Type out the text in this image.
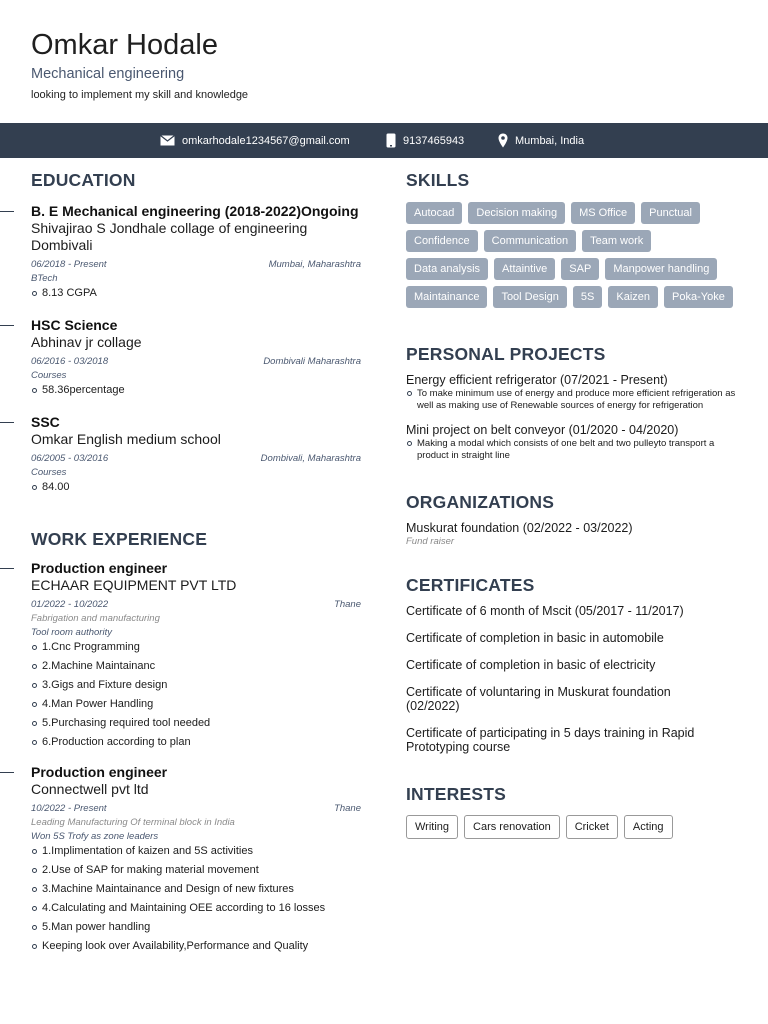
Omkar Hodale
Mechanical engineering
looking to implement my skill and knowledge
omkarhodale1234567@gmail.com	9137465943	Mumbai, India
EDUCATION
B. E Mechanical engineering (2018-2022)Ongoing
Shivajirao S Jondhale collage of engineering Dombivali
06/2018 - Present	Mumbai, Maharashtra
BTech
8.13 CGPA
HSC Science
Abhinav jr collage
06/2016 - 03/2018	Dombivali Maharashtra
Courses
58.36percentage
SSC
Omkar English medium school
06/2005 - 03/2016	Dombivali, Maharashtra
Courses
84.00
WORK EXPERIENCE
Production engineer
ECHAAR EQUIPMENT PVT LTD
01/2022 - 10/2022	Thane
Fabrigation and manufacturing
Tool room authority
1.Cnc Programming
2.Machine Maintainanc
3.Gigs and Fixture design
4.Man Power Handling
5.Purchasing required tool needed
6.Production according to plan
Production engineer
Connectwell pvt ltd
10/2022 - Present	Thane
Leading Manufacturing Of terminal block in India
Won 5S Trofy as zone leaders
1.Implimentation of kaizen and 5S activities
2.Use of SAP for making material movement
3.Machine Maintainance and Design of new fixtures
4.Calculating and Maintaining OEE according to 16 losses
5.Man power handling
Keeping look over Availability,Performance and Quality
SKILLS
Autocad	Decision making	MS Office	Punctual
Confidence	Communication	Team work
Data analysis	Attaintive	SAP	Manpower handling
Maintainance	Tool Design	5S	Kaizen	Poka-Yoke
PERSONAL PROJECTS
Energy efficient refrigerator (07/2021 - Present)
To make minimum use of energy and produce more efficient refrigeration as well as making use of Renewable sources of energy for refrigeration
Mini project on belt conveyor (01/2020 - 04/2020)
Making a modal which consists of one belt and two pulleyto transport a product in straight line
ORGANIZATIONS
Muskurat foundation (02/2022 - 03/2022)
Fund raiser
CERTIFICATES
Certificate of 6 month of Mscit (05/2017 - 11/2017)
Certificate of completion in basic in automobile
Certificate of completion in basic of electricity
Certificate of voluntaring in Muskurat foundation
(02/2022)
Certificate of participating in 5 days training in Rapid Prototyping course
INTERESTS
Writing	Cars renovation	Cricket	Acting
